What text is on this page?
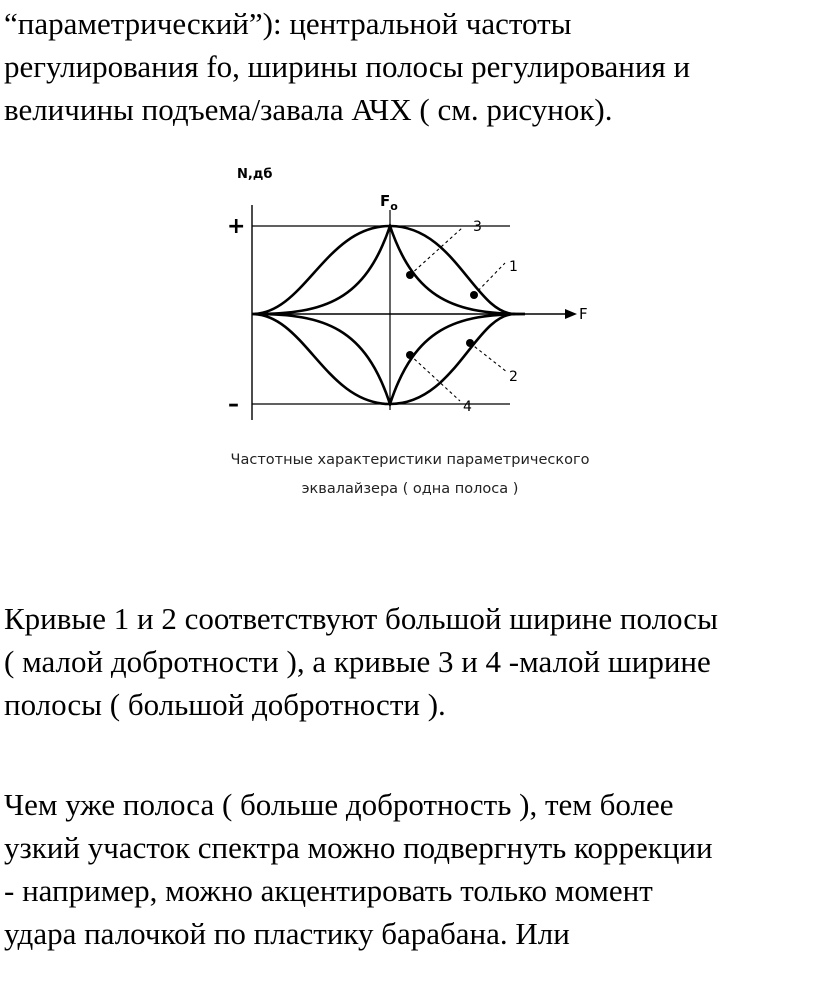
“параметрический”): центральной частоты
регулирования fo, ширины полосы регулирования и
величины подъема/завала АЧХ ( см. рисунок).
N,дб
F
$F_o$
+
–
1
2
3
4
Частотные характеристики параметрического
эквалайзера ( одна полоса )
Кривые 1 и 2 соответствуют большой ширине полосы
( малой добротности ), а кривые 3 и 4 -малой ширине
полосы ( большой добротности ).
Чем уже полоса ( больше добротность ), тем более
узкий участок спектра можно подвергнуть коррекции
- например, можно акцентировать только момент
удара палочкой по пластику барабана. Или
